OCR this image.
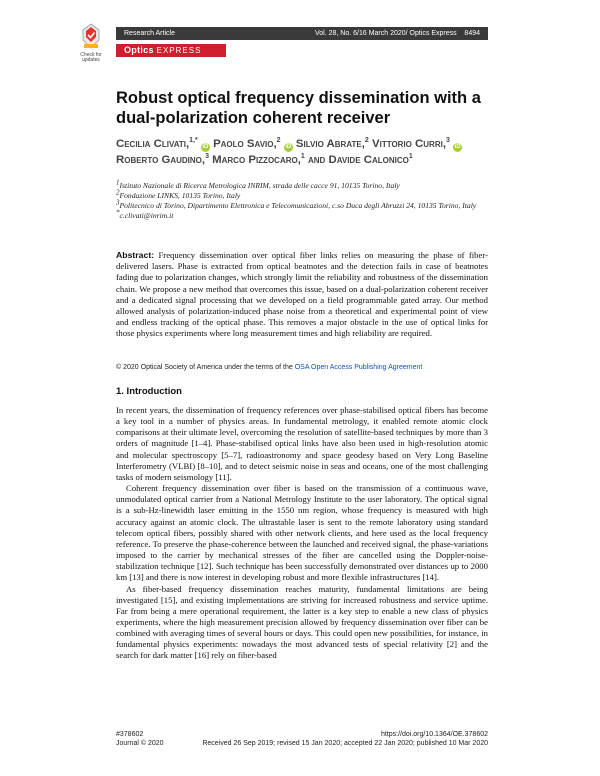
Check for updates
Research Article	Vol. 28, No. 6/16 March 2020/ Optics Express 8494
Optics EXPRESS
Robust optical frequency dissemination with a dual-polarization coherent receiver

Cecilia Clivati,$^{1,*}$ iD Paolo Savio,$^2$ iD Silvio Abrate,$^2$ Vittorio Curri,$^3$ iD Roberto Gaudino,$^3$ Marco Pizzocaro,$^1$ and Davide Calonico$^1$

$^1$Istituto Nazionale di Ricerca Metrologica INRIM, strada delle cacce 91, 10135 Torino, Italy
$^2$Fondazione LINKS, 10135 Torino, Italy
$^3$Politecnico di Torino, Dipartimento Elettronica e Telecomunicazioni, c.so Duca degli Abruzzi 24, 10135 Torino, Italy
*c.clivati@inrim.it

Abstract: Frequency dissemination over optical fiber links relies on measuring the phase of fiber-delivered lasers. Phase is extracted from optical beatnotes and the detection fails in case of beatnotes fading due to polarization changes, which strongly limit the reliability and robustness of the dissemination chain. We propose a new method that overcomes this issue, based on a dual-polarization coherent receiver and a dedicated signal processing that we developed on a field programmable gated array. Our method allowed analysis of polarization-induced phase noise from a theoretical and experimental point of view and endless tracking of the optical phase. This removes a major obstacle in the use of optical links for those physics experiments where long measurement times and high reliability are required.

© 2020 Optical Society of America under the terms of the OSA Open Access Publishing Agreement
1. Introduction

In recent years, the dissemination of frequency references over phase-stabilised optical fibers has become a key tool in a number of physics areas. In fundamental metrology, it enabled remote atomic clock comparisons at their ultimate level, overcoming the resolution of satellite-based techniques by more than 3 orders of magnitude [1–4]. Phase-stabilised optical links have also been used in high-resolution atomic and molecular spectroscopy [5–7], radioastronomy and space geodesy based on Very Long Baseline Interferometry (VLBI) [8–10], and to detect seismic noise in seas and oceans, one of the most challenging tasks of modern seismology [11].

Coherent frequency dissemination over fiber is based on the transmission of a continuous wave, unmodulated optical carrier from a National Metrology Institute to the user laboratory. The optical signal is a sub-Hz-linewidth laser emitting in the 1550 nm region, whose frequency is measured with high accuracy against an atomic clock. The ultrastable laser is sent to the remote laboratory using standard telecom optical fibers, possibly shared with other network clients, and here used as the local frequency reference. To preserve the phase-coherence between the launched and received signal, the phase-variations imposed to the carrier by mechanical stresses of the fiber are cancelled using the Doppler-noise-stabilization technique [12]. Such technique has been successfully demonstrated over distances up to 2000 km [13] and there is now interest in developing robust and more flexible infrastructures [14].

As fiber-based frequency dissemination reaches maturity, fundamental limitations are being investigated [15], and existing implementations are striving for increased robustness and service uptime. Far from being a mere operational requirement, the latter is a key step to enable a new class of physics experiments, where the high measurement precision allowed by frequency dissemination over fiber can be combined with averaging times of several hours or days. This could open new possibilities, for instance, in fundamental physics experiments: nowadays the most advanced tests of special relativity [2] and the search for dark matter [16] rely on fiber-based

#378602	https://doi.org/10.1364/OE.378602
Journal © 2020	Received 26 Sep 2019; revised 15 Jan 2020; accepted 22 Jan 2020; published 10 Mar 2020
